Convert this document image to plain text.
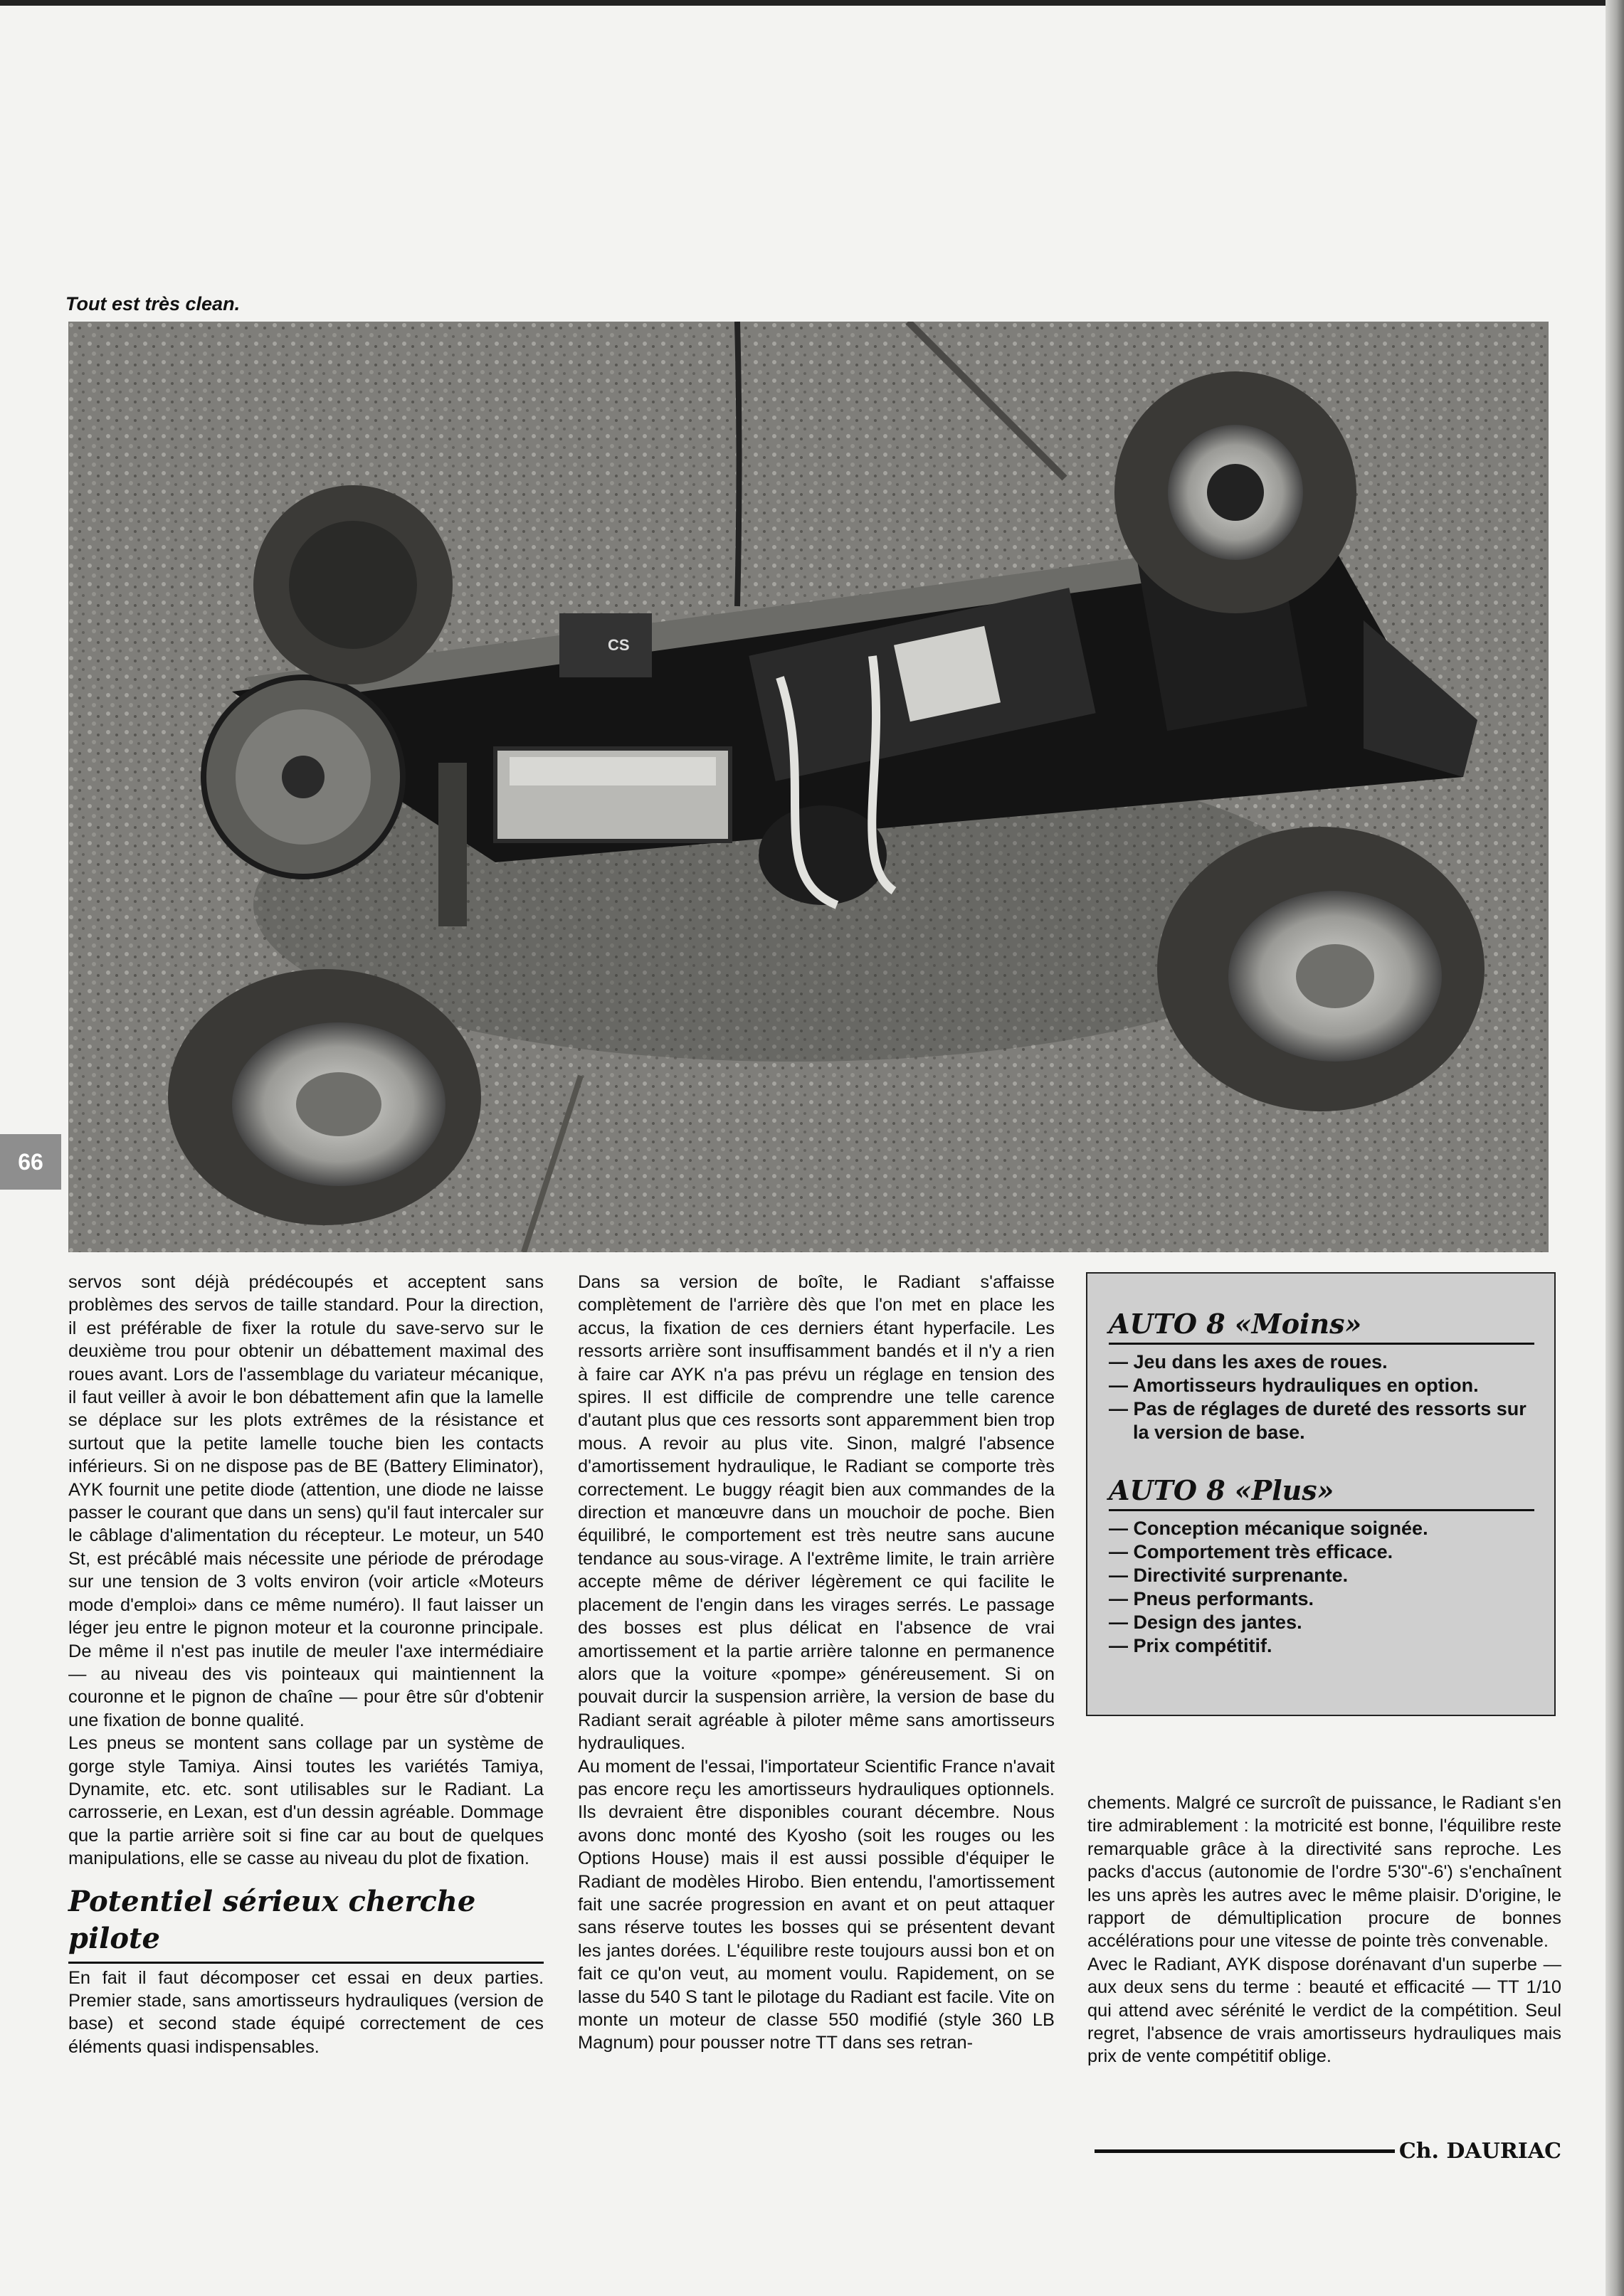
Tout est très clean.
CS
66

servos sont déjà prédécoupés et acceptent sans problèmes des servos de taille standard. Pour la direction, il est préférable de fixer la rotule du save-servo sur le deuxième trou pour obtenir un débattement maximal des roues avant. Lors de l'assemblage du variateur mécanique, il faut veiller à avoir le bon débattement afin que la lamelle se déplace sur les plots extrêmes de la résistance et surtout que la petite lamelle touche bien les contacts inférieurs. Si on ne dispose pas de BE (Battery Eliminator), AYK fournit une petite diode (attention, une diode ne laisse passer le courant que dans un sens) qu'il faut intercaler sur le câblage d'alimentation du récepteur. Le moteur, un 540 St, est précâblé mais nécessite une période de prérodage sur une tension de 3 volts environ (voir article «Moteurs mode d'emploi» dans ce même numéro). Il faut laisser un léger jeu entre le pignon moteur et la couronne principale. De même il n'est pas inutile de meuler l'axe intermédiaire — au niveau des vis pointeaux qui maintiennent la couronne et le pignon de chaîne — pour être sûr d'obtenir une fixation de bonne qualité.

Les pneus se montent sans collage par un système de gorge style Tamiya. Ainsi toutes les variétés Tamiya, Dynamite, etc. etc. sont utilisables sur le Radiant. La carrosserie, en Lexan, est d'un dessin agréable. Dommage que la partie arrière soit si fine car au bout de quelques manipulations, elle se casse au niveau du plot de fixation.

Potentiel sérieux cherche pilote

En fait il faut décomposer cet essai en deux parties. Premier stade, sans amortisseurs hydrauliques (version de base) et second stade équipé correctement de ces éléments quasi indispensables.

Dans sa version de boîte, le Radiant s'affaisse complètement de l'arrière dès que l'on met en place les accus, la fixation de ces derniers étant hyperfacile. Les ressorts arrière sont insuffisamment bandés et il n'y a rien à faire car AYK n'a pas prévu un réglage en tension des spires. Il est difficile de comprendre une telle carence d'autant plus que ces ressorts sont apparemment bien trop mous. A revoir au plus vite. Sinon, malgré l'absence d'amortissement hydraulique, le Radiant se comporte très correctement. Le buggy réagit bien aux commandes de la direction et manœuvre dans un mouchoir de poche. Bien équilibré, le comportement est très neutre sans aucune tendance au sous-virage. A l'extrême limite, le train arrière accepte même de dériver légèrement ce qui facilite le placement de l'engin dans les virages serrés. Le passage des bosses est plus délicat en l'absence de vrai amortissement et la partie arrière talonne en permanence alors que la voiture «pompe» généreusement. Si on pouvait durcir la suspension arrière, la version de base du Radiant serait agréable à piloter même sans amortisseurs hydrauliques.

Au moment de l'essai, l'importateur Scientific France n'avait pas encore reçu les amortisseurs hydrauliques optionnels. Ils devraient être disponibles courant décembre. Nous avons donc monté des Kyosho (soit les rouges ou les Options House) mais il est aussi possible d'équiper le Radiant de modèles Hirobo. Bien entendu, l'amortissement fait une sacrée progression en avant et on peut attaquer sans réserve toutes les bosses qui se présentent devant les jantes dorées. L'équilibre reste toujours aussi bon et on fait ce qu'on veut, au moment voulu. Rapidement, on se lasse du 540 S tant le pilotage du Radiant est facile. Vite on monte un moteur de classe 550 modifié (style 360 LB Magnum) pour pousser notre TT dans ses retran-

AUTO 8 «Moins»
— Jeu dans les axes de roues.
— Amortisseurs hydrauliques en option.
— Pas de réglages de dureté des ressorts sur
la version de base.
AUTO 8 «Plus»
— Conception mécanique soignée.
— Comportement très efficace.
— Directivité surprenante.
— Pneus performants.
— Design des jantes.
— Prix compétitif.

chements. Malgré ce surcroît de puissance, le Radiant s'en tire admirablement : la motricité est bonne, l'équilibre reste remarquable grâce à la directivité sans reproche. Les packs d'accus (autonomie de l'ordre 5'30"-6') s'enchaînent les uns après les autres avec le même plaisir. D'origine, le rapport de démultiplication procure de bonnes accélérations pour une vitesse de pointe très convenable.

Avec le Radiant, AYK dispose dorénavant d'un superbe — aux deux sens du terme : beauté et efficacité — TT 1/10 qui attend avec sérénité le verdict de la compétition. Seul regret, l'absence de vrais amortisseurs hydrauliques mais prix de vente compétitif oblige.

Ch. DAURIAC
